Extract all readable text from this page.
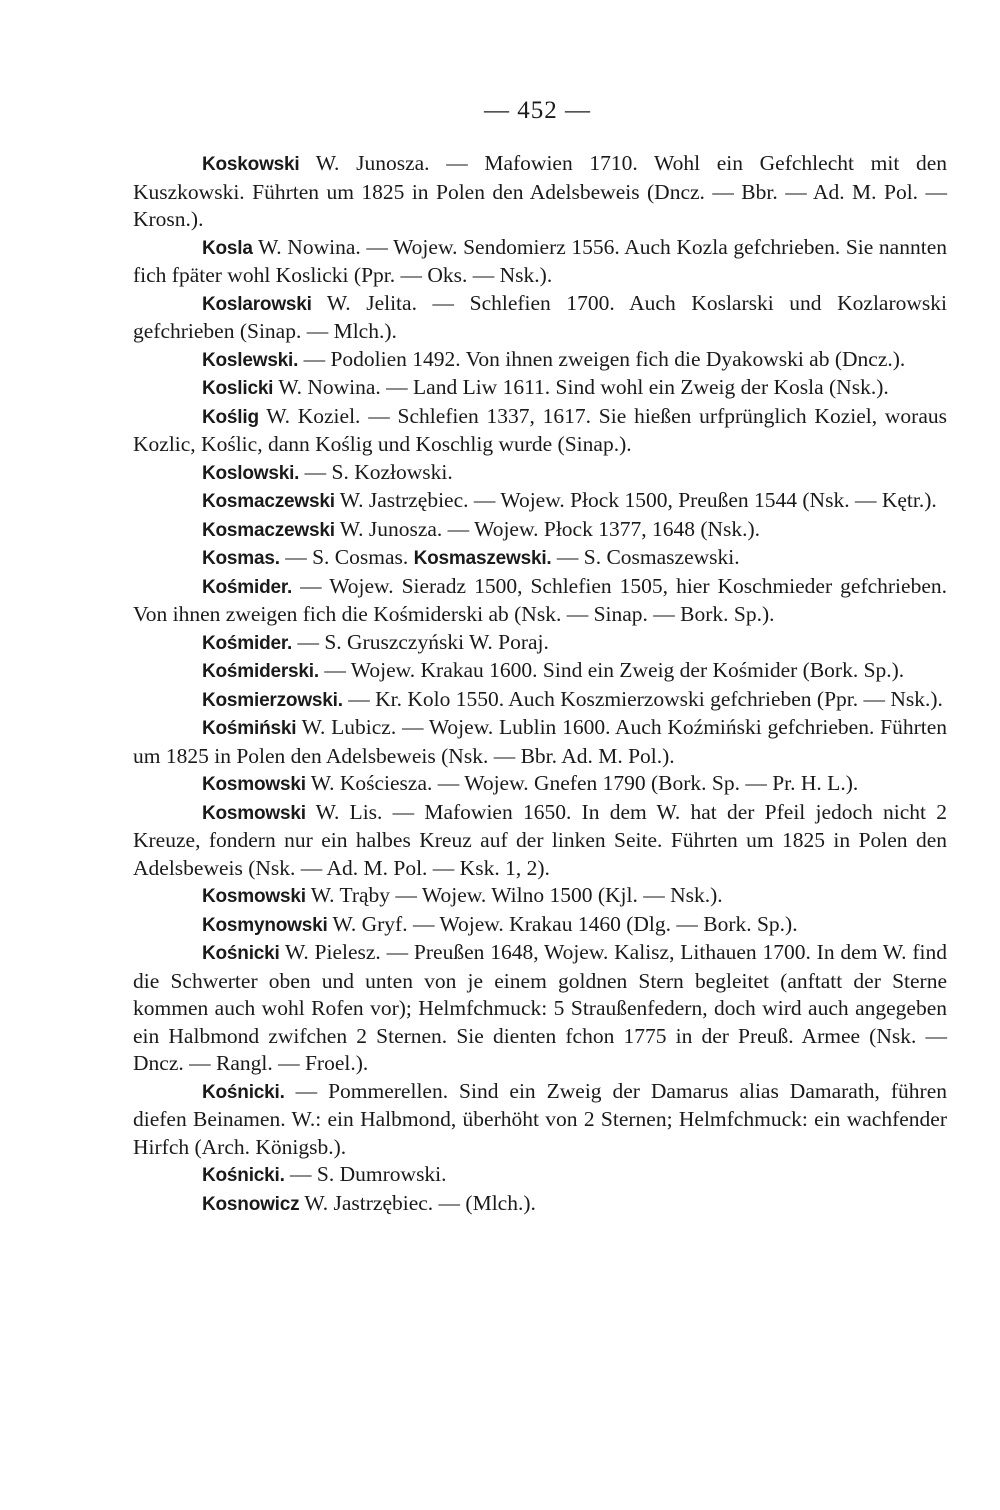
— 452 —

Koskowski W. Junosza. — Mafowien 1710. Wohl ein Gefchlecht mit den Kuszkowski. Führten um 1825 in Polen den Adelsbeweis (Dncz. — Bbr. — Ad. M. Pol. — Krosn.).

Kosla W. Nowina. — Wojew. Sendomierz 1556. Auch Kozla gefchrieben. Sie nannten fich fpäter wohl Koslicki (Ppr. — Oks. — Nsk.).

Koslarowski W. Jelita. — Schlefien 1700. Auch Koslarski und Kozlarowski gefchrieben (Sinap. — Mlch.).

Koslewski. — Podolien 1492. Von ihnen zweigen fich die Dyakowski ab (Dncz.).

Koslicki W. Nowina. — Land Liw 1611. Sind wohl ein Zweig der Kosla (Nsk.).

Koślig W. Koziel. — Schlefien 1337, 1617. Sie hießen urfprünglich Koziel, woraus Kozlic, Koślic, dann Koślig und Koschlig wurde (Sinap.).

Koslowski. — S. Kozłowski.

Kosmaczewski W. Jastrzębiec. — Wojew. Płock 1500, Preußen 1544 (Nsk. — Kętr.).

Kosmaczewski W. Junosza. — Wojew. Płock 1377, 1648 (Nsk.).

Kosmas. — S. Cosmas. Kosmaszewski. — S. Cosmaszewski.

Kośmider. — Wojew. Sieradz 1500, Schlefien 1505, hier Koschmieder gefchrieben. Von ihnen zweigen fich die Kośmiderski ab (Nsk. — Sinap. — Bork. Sp.).

Kośmider. — S. Gruszczyński W. Poraj.

Kośmiderski. — Wojew. Krakau 1600. Sind ein Zweig der Kośmider (Bork. Sp.).

Kosmierzowski. — Kr. Kolo 1550. Auch Koszmierzowski gefchrieben (Ppr. — Nsk.).

Kośmiński W. Lubicz. — Wojew. Lublin 1600. Auch Koźmiński gefchrieben. Führten um 1825 in Polen den Adelsbeweis (Nsk. — Bbr. Ad. M. Pol.).

Kosmowski W. Kościesza. — Wojew. Gnefen 1790 (Bork. Sp. — Pr. H. L.).

Kosmowski W. Lis. — Mafowien 1650. In dem W. hat der Pfeil jedoch nicht 2 Kreuze, fondern nur ein halbes Kreuz auf der linken Seite. Führten um 1825 in Polen den Adelsbeweis (Nsk. — Ad. M. Pol. — Ksk. 1, 2).

Kosmowski W. Trąby — Wojew. Wilno 1500 (Kjl. — Nsk.).

Kosmynowski W. Gryf. — Wojew. Krakau 1460 (Dlg. — Bork. Sp.).

Kośnicki W. Pielesz. — Preußen 1648, Wojew. Kalisz, Lithauen 1700. In dem W. find die Schwerter oben und unten von je einem goldnen Stern begleitet (anftatt der Sterne kommen auch wohl Rofen vor); Helmfchmuck: 5 Straußenfedern, doch wird auch angegeben ein Halbmond zwifchen 2 Sternen. Sie dienten fchon 1775 in der Preuß. Armee (Nsk. — Dncz. — Rangl. — Froel.).

Kośnicki. — Pommerellen. Sind ein Zweig der Damarus alias Damarath, führen diefen Beinamen. W.: ein Halbmond, überhöht von 2 Sternen; Helmfchmuck: ein wachfender Hirfch (Arch. Königsb.).

Kośnicki. — S. Dumrowski.

Kosnowicz W. Jastrzębiec. — (Mlch.).
